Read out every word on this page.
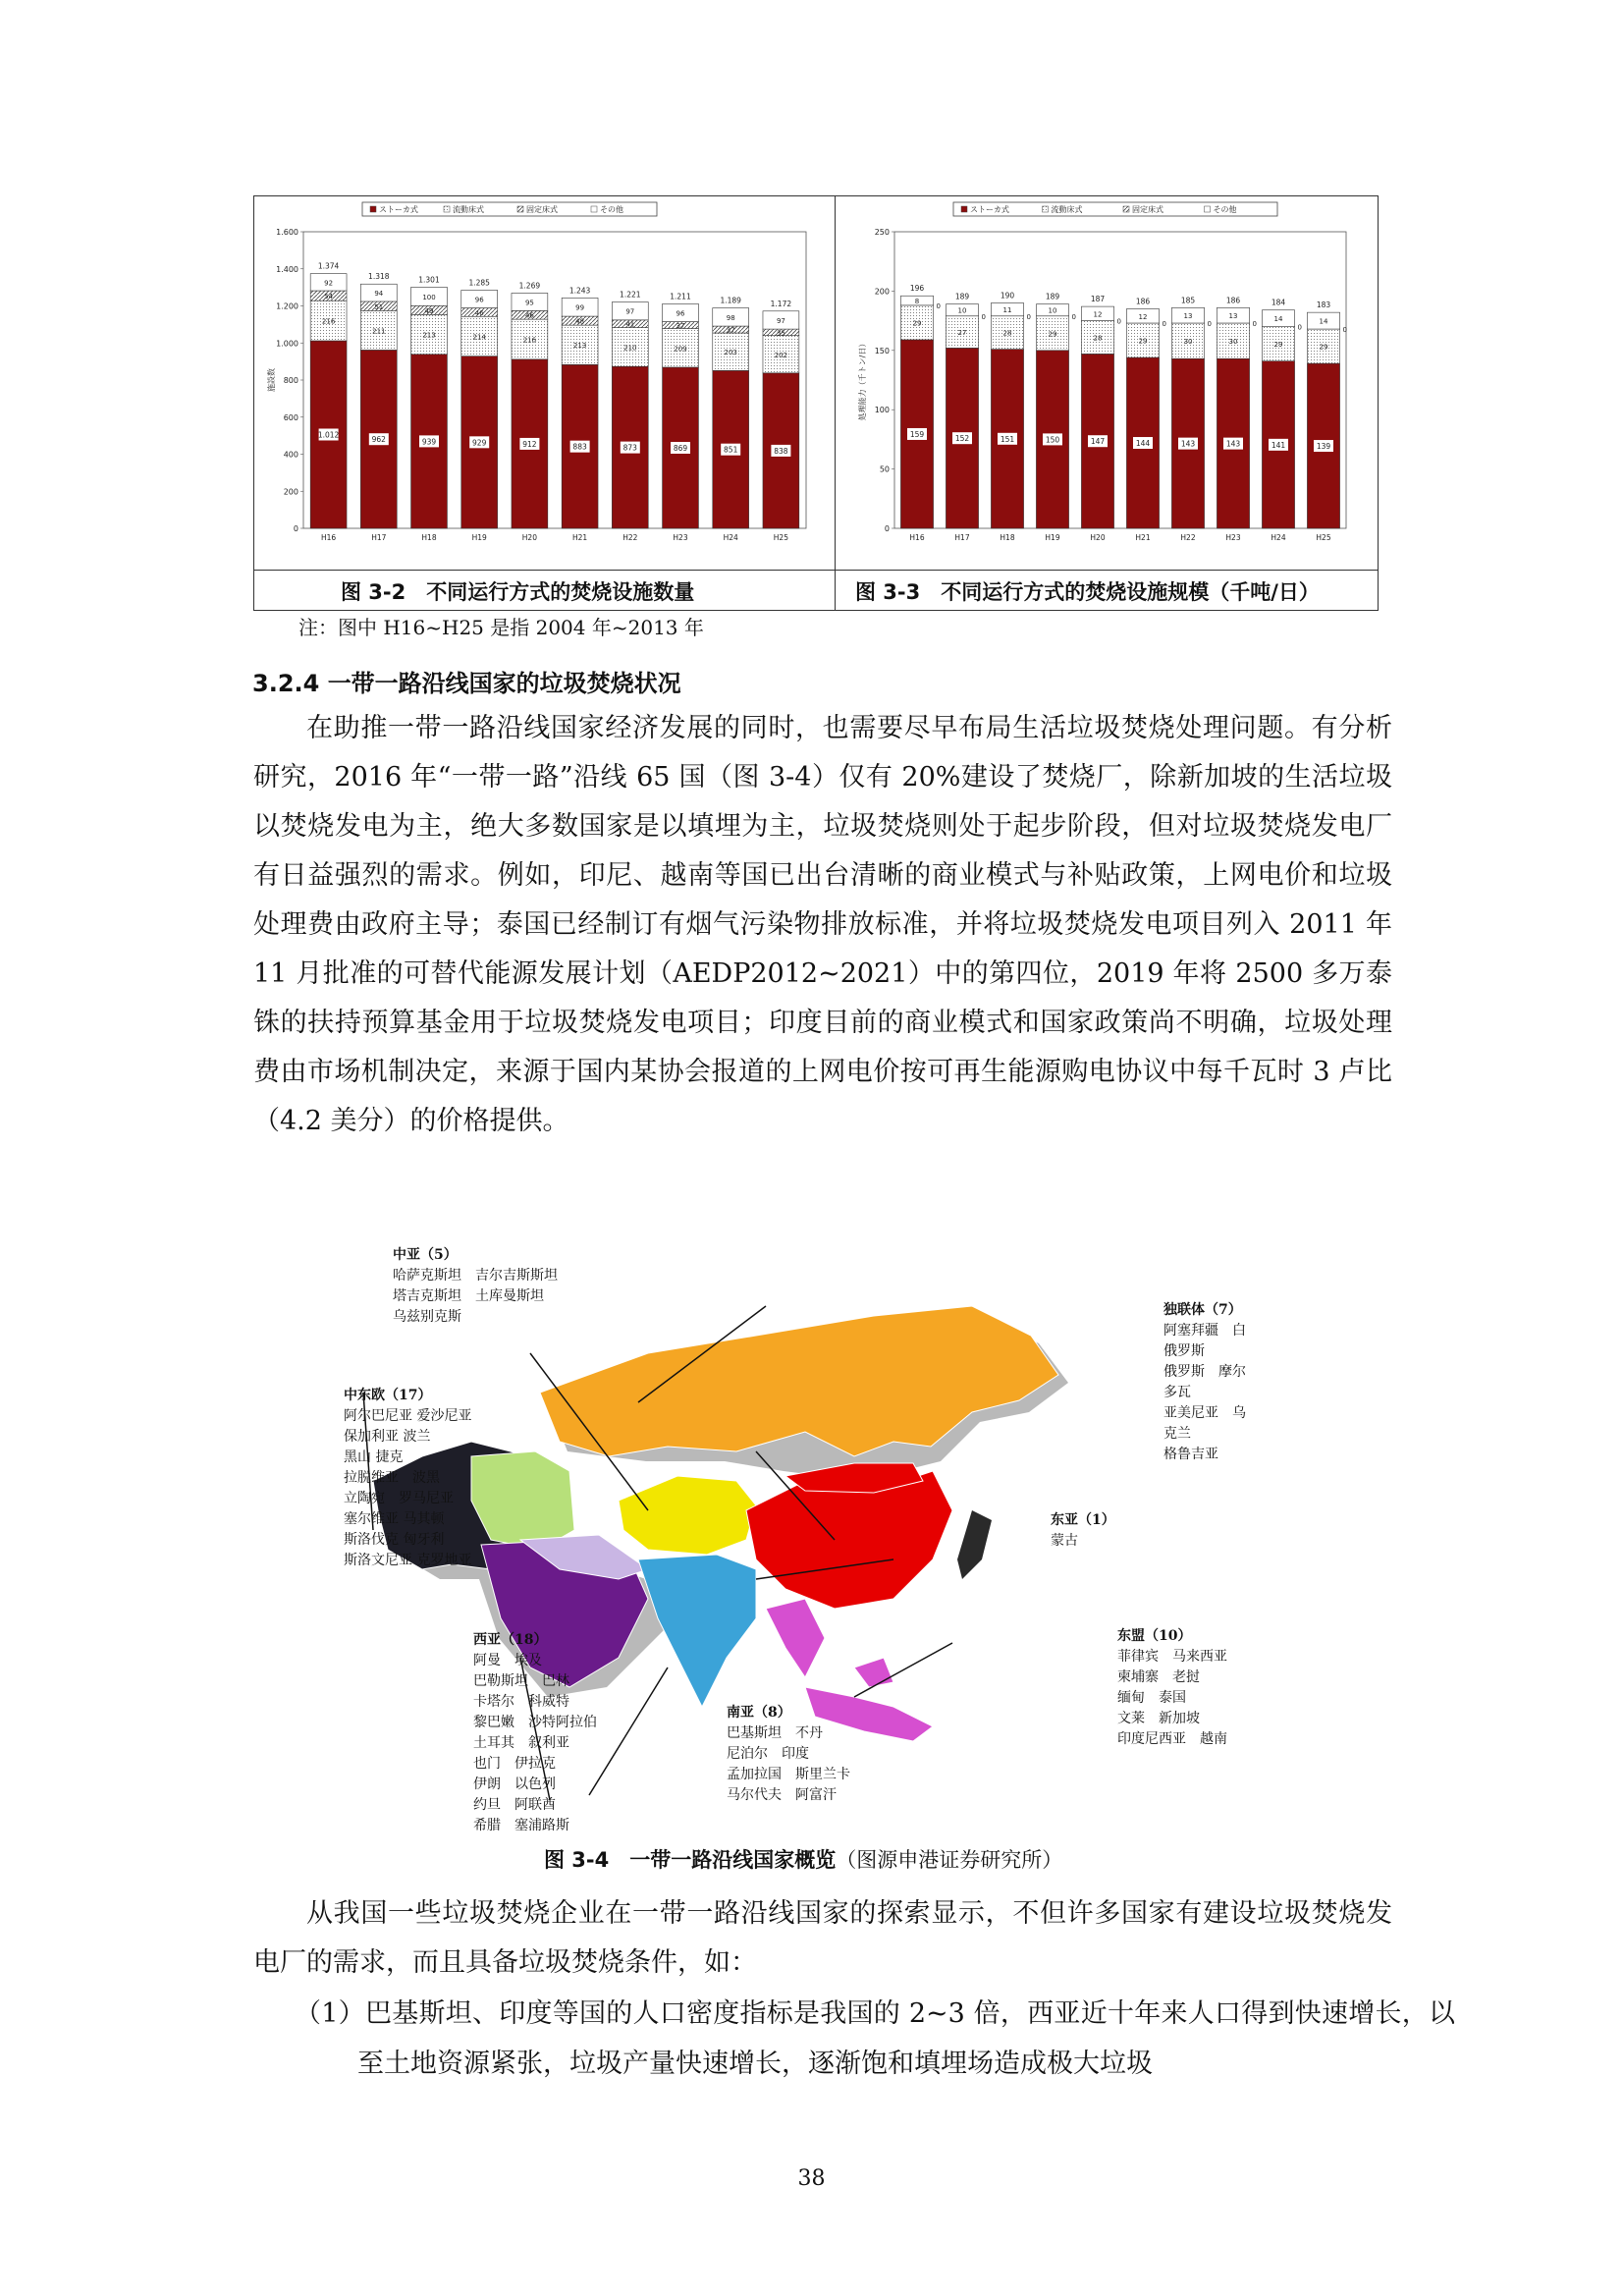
ストーカ式	流動床式	固定床式	その他
1.600
1.400
1.200
1.000
800
600
400
200
0
施設数
1.012
216
54
92
1.374
H16
962
211
51
94
1.318
H17
939
213
49
100
1.301
H18
929
214
46
96
1.285
H19
912
216
46
95
1.269
H20
883
213
48
99
1.243
H21
873
210
41
97
1.221
H22
869
209
37
96
1.211
H23
851
203
37
98
1.189
H24
838
202
35
97
1.172
H25
ストーカ式	流動床式	固定床式	その他
250
200
150
100
50
0
処理能力（千トン/日）
159
29
8
0
196
H16
152
27
10
0
189
H17
151
28
11
0
190
H18
150
29
10
0
189
H19
147
28
12
0
187
H20
144
29
12
0
186
H21
143
30
13
0
185
H22
143
30
13
0
186
H23
141
29
14
0
184
H24
139
29
14
0
183
H25
图 3-2　不同运行方式的焚烧设施数量	图 3-3　不同运行方式的焚烧设施规模（千吨/日）
注：图中 H16~H25 是指 2004 年~2013 年
3.2.4 一带一路沿线国家的垃圾焚烧状况

在助推一带一路沿线国家经济发展的同时，也需要尽早布局生活垃圾焚烧处理问题。有分析研究，2016 年“一带一路”沿线 65 国（图 3-4）仅有 20%建设了焚烧厂，除新加坡的生活垃圾以焚烧发电为主，绝大多数国家是以填埋为主，垃圾焚烧则处于起步阶段，但对垃圾焚烧发电厂有日益强烈的需求。例如，印尼、越南等国已出台清晰的商业模式与补贴政策，上网电价和垃圾处理费由政府主导；泰国已经制订有烟气污染物排放标准，并将垃圾焚烧发电项目列入 2011 年 11 月批准的可替代能源发展计划（AEDP2012~2021）中的第四位，2019 年将 2500 多万泰铢的扶持预算基金用于垃圾焚烧发电项目；印度目前的商业模式和国家政策尚不明确，垃圾处理费由市场机制决定，来源于国内某协会报道的上网电价按可再生能源购电协议中每千瓦时 3 卢比（4.2 美分）的价格提供。

中亚（5）
哈萨克斯坦　吉尔吉斯斯坦
塔吉克斯坦　土库曼斯坦
乌兹别克斯	独联体（7）
阿塞拜疆　白俄罗斯
俄罗斯　摩尔多瓦
亚美尼亚　乌克兰
格鲁吉亚
中东欧（17）
阿尔巴尼亚 爱沙尼亚
保加利亚 波兰
黑山 捷克
拉脱维亚　波黑
立陶宛　罗马尼亚
塞尔维亚 马其顿
斯洛伐克 匈牙利
斯洛文尼亚 克罗地亚
东亚（1）
蒙古
西亚（18）
阿曼　埃及
巴勒斯坦　巴林
卡塔尔　科威特
黎巴嫩　沙特阿拉伯
土耳其　叙利亚
也门　伊拉克
伊朗　以色列
约旦　阿联酋
希腊　塞浦路斯
南亚（8）
巴基斯坦　不丹
尼泊尔　印度
孟加拉国　斯里兰卡
马尔代夫　阿富汗
东盟（10）
菲律宾　马来西亚
柬埔寨　老挝
缅甸　泰国
文莱　新加坡
印度尼西亚　越南
图 3-4　一带一路沿线国家概览（图源申港证券研究所）

从我国一些垃圾焚烧企业在一带一路沿线国家的探索显示，不但许多国家有建设垃圾焚烧发电厂的需求，而且具备垃圾焚烧条件，如：

（1）巴基斯坦、印度等国的人口密度指标是我国的 2~3 倍，西亚近十年来人口得到快速增长，以至土地资源紧张，垃圾产量快速增长，逐渐饱和填埋场造成极大垃圾

38
